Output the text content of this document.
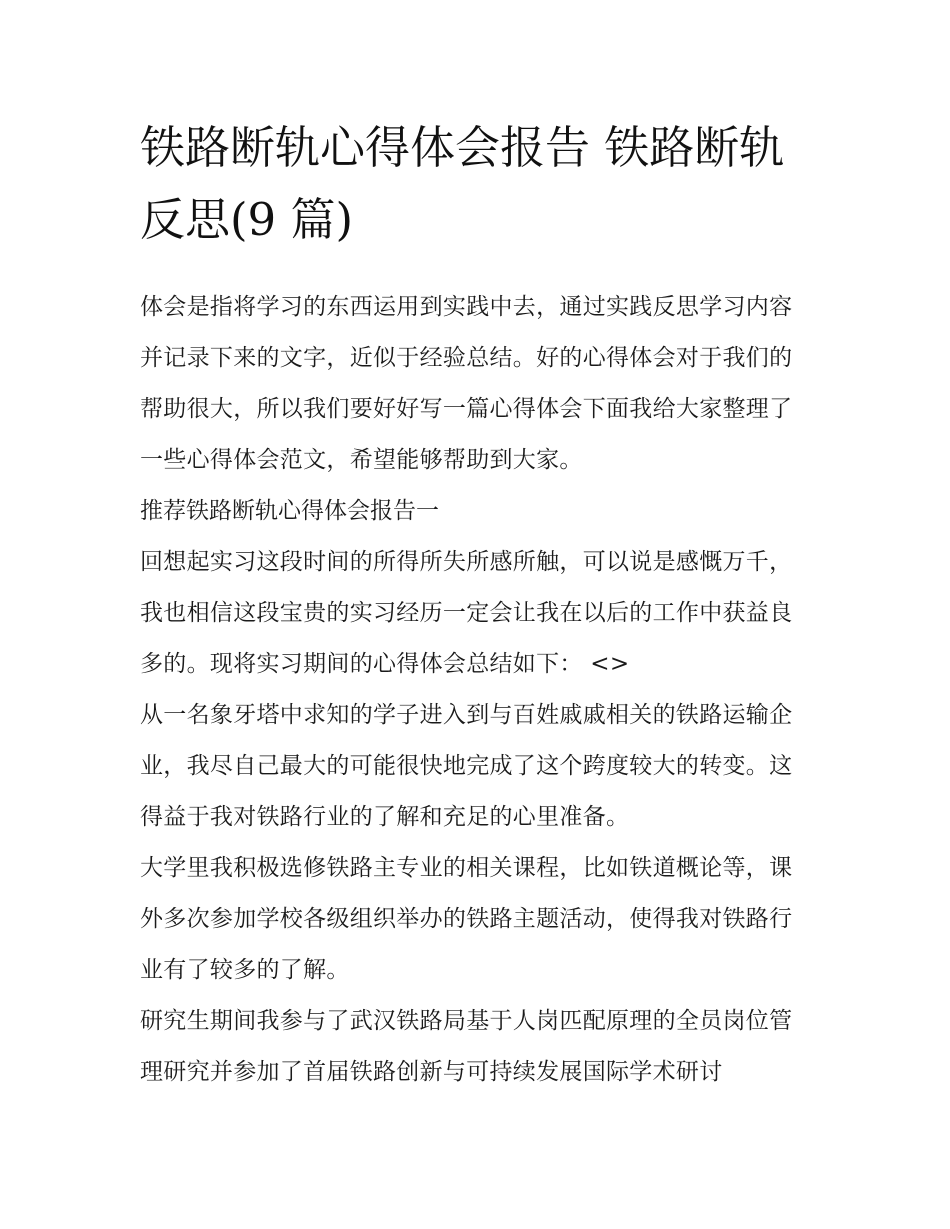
铁路断轨心得体会报告 铁路断轨反思(9 篇)

体会是指将学习的东西运用到实践中去，通过实践反思学习内容并记录下来的文字，近似于经验总结。好的心得体会对于我们的帮助很大，所以我们要好好写一篇心得体会下面我给大家整理了一些心得体会范文，希望能够帮助到大家。

推荐铁路断轨心得体会报告一

回想起实习这段时间的所得所失所感所触，可以说是感慨万千，我也相信这段宝贵的实习经历一定会让我在以后的工作中获益良多的。现将实习期间的心得体会总结如下： <>

从一名象牙塔中求知的学子进入到与百姓戚戚相关的铁路运输企业，我尽自己最大的可能很快地完成了这个跨度较大的转变。这得益于我对铁路行业的了解和充足的心里准备。

大学里我积极选修铁路主专业的相关课程，比如铁道概论等，课外多次参加学校各级组织举办的铁路主题活动，使得我对铁路行业有了较多的了解。

研究生期间我参与了武汉铁路局基于人岗匹配原理的全员岗位管理研究并参加了首届铁路创新与可持续发展国际学术研讨
